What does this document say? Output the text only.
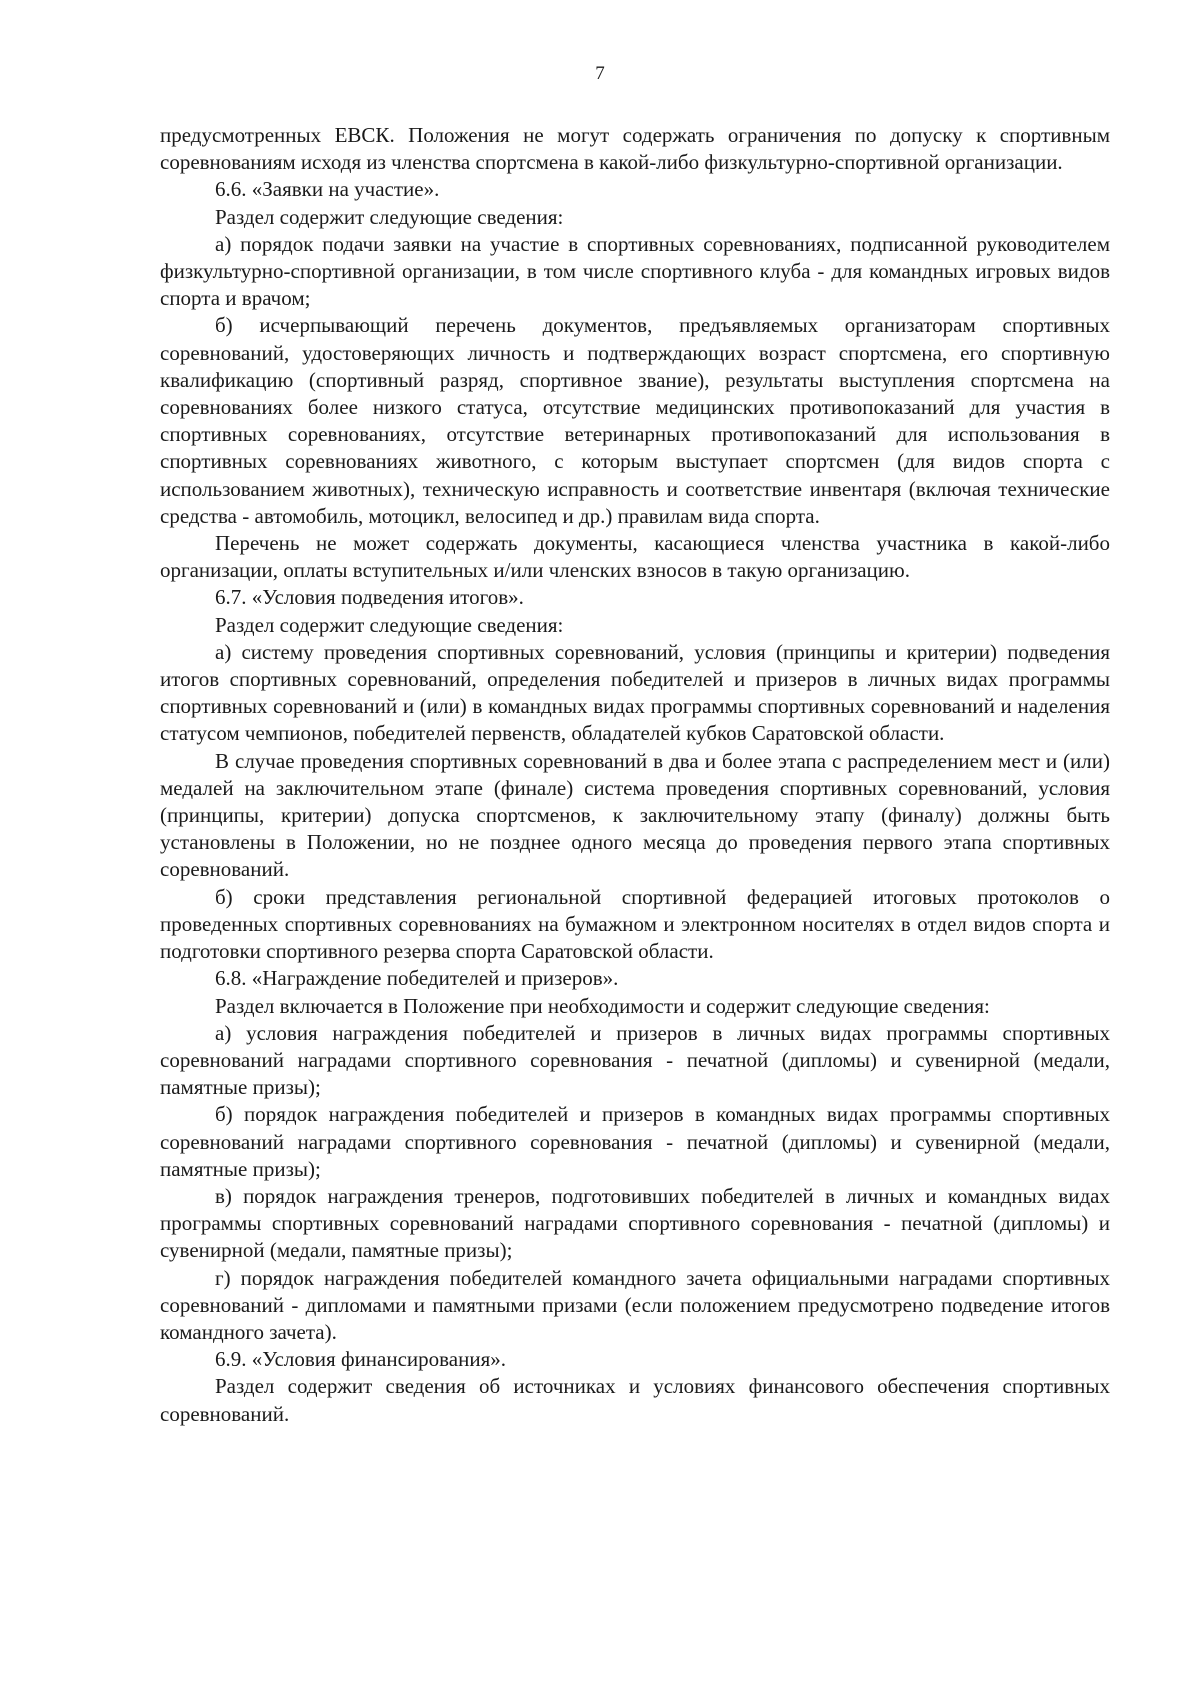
7

предусмотренных ЕВСК. Положения не могут содержать ограничения по допуску к спортивным соревнованиям исходя из членства спортсмена в какой-либо физкультурно-спортивной организации.

6.6. «Заявки на участие».

Раздел содержит следующие сведения:

а) порядок подачи заявки на участие в спортивных соревнованиях, подписанной руководителем физкультурно-спортивной организации, в том числе спортивного клуба - для командных игровых видов спорта и врачом;

б) исчерпывающий перечень документов, предъявляемых организаторам спортивных соревнований, удостоверяющих личность и подтверждающих возраст спортсмена, его спортивную квалификацию (спортивный разряд, спортивное звание), результаты выступления спортсмена на соревнованиях более низкого статуса, отсутствие медицинских противопоказаний для участия в спортивных соревнованиях, отсутствие ветеринарных противопоказаний для использования в спортивных соревнованиях животного, с которым выступает спортсмен (для видов спорта с использованием животных), техническую исправность и соответствие инвентаря (включая технические средства - автомобиль, мотоцикл, велосипед и др.) правилам вида спорта.

Перечень не может содержать документы, касающиеся членства участника в какой-либо организации, оплаты вступительных и/или членских взносов в такую организацию.

6.7. «Условия подведения итогов».

Раздел содержит следующие сведения:

а) систему проведения спортивных соревнований, условия (принципы и критерии) подведения итогов спортивных соревнований, определения победителей и призеров в личных видах программы спортивных соревнований и (или) в командных видах программы спортивных соревнований и наделения статусом чемпионов, победителей первенств, обладателей кубков Саратовской области.

В случае проведения спортивных соревнований в два и более этапа с распределением мест и (или) медалей на заключительном этапе (финале) система проведения спортивных соревнований, условия (принципы, критерии) допуска спортсменов, к заключительному этапу (финалу) должны быть установлены в Положении, но не позднее одного месяца до проведения первого этапа спортивных соревнований.

б) сроки представления региональной спортивной федерацией итоговых протоколов о проведенных спортивных соревнованиях на бумажном и электронном носителях в отдел видов спорта и подготовки спортивного резерва спорта Саратовской области.

6.8. «Награждение победителей и призеров».

Раздел включается в Положение при необходимости и содержит следующие сведения:

а) условия награждения победителей и призеров в личных видах программы спортивных соревнований наградами спортивного соревнования - печатной (дипломы) и сувенирной (медали, памятные призы);

б) порядок награждения победителей и призеров в командных видах программы спортивных соревнований наградами спортивного соревнования - печатной (дипломы) и сувенирной (медали, памятные призы);

в) порядок награждения тренеров, подготовивших победителей в личных и командных видах программы спортивных соревнований наградами спортивного соревнования - печатной (дипломы) и сувенирной (медали, памятные призы);

г) порядок награждения победителей командного зачета официальными наградами спортивных соревнований - дипломами и памятными призами (если положением предусмотрено подведение итогов командного зачета).

6.9. «Условия финансирования».

Раздел содержит сведения об источниках и условиях финансового обеспечения спортивных соревнований.
